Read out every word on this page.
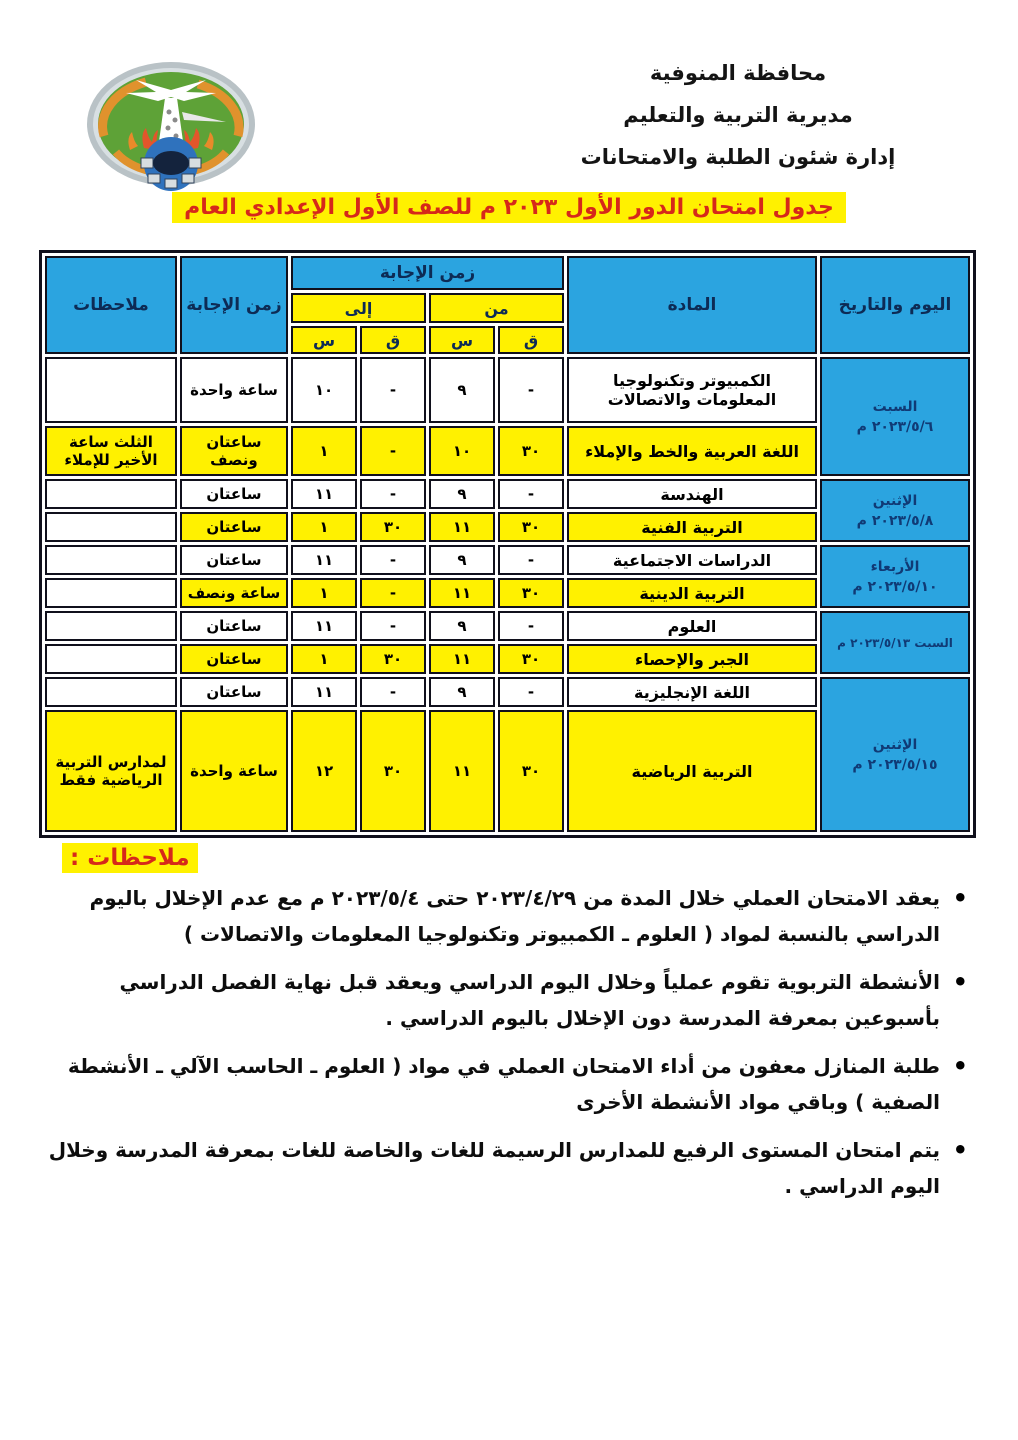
محافظة المنوفية
مديرية التربية والتعليم
إدارة شئون الطلبة والامتحانات
جدول امتحان الدور الأول ٢٠٢٣ م للصف الأول الإعدادي العام
اليوم والتاريخ	المادة	زمن الإجابة				زمن الإجابة	ملاحظات
		من		إلى			
		ق	س	ق	س		

السبت
٢٠٢٣/٥/٦ م	الكمبيوتر وتكنولوجيا المعلومات والاتصالات	-	٩	-	١٠	ساعة واحدة	
	اللغة العربية والخط والإملاء	٣٠	١٠	-	١	ساعتان ونصف	الثلث ساعة الأخير للإملاء

الإثنين
٢٠٢٣/٥/٨ م	الهندسة	-	٩	-	١١	ساعتان	
	التربية الفنية	٣٠	١١	٣٠	١	ساعتان	

الأربعاء
٢٠٢٣/٥/١٠ م	الدراسات الاجتماعية	-	٩	-	١١	ساعتان	
	التربية الدينية	٣٠	١١	-	١	ساعة ونصف	
السبت ٢٠٢٣/٥/١٣ م	العلوم	-	٩	-	١١	ساعتان	
	الجبر والإحصاء	٣٠	١١	٣٠	١	ساعتان	

الإثنين
٢٠٢٣/٥/١٥ م	اللغة الإنجليزية	-	٩	-	١١	ساعتان	
	التربية الرياضية	٣٠	١١	٣٠	١٢	ساعة واحدة	لمدارس التربية الرياضية فقط
ملاحظات :
• يعقد الامتحان العملي خلال المدة من ٢٠٢٣/٤/٢٩ حتى ٢٠٢٣/٥/٤ م مع عدم الإخلال باليوم الدراسي بالنسبة لمواد ( العلوم ـ الكمبيوتر وتكنولوجيا المعلومات والاتصالات )
• الأنشطة التربوية تقوم عملياً وخلال اليوم الدراسي ويعقد قبل نهاية الفصل الدراسي بأسبوعين بمعرفة المدرسة دون الإخلال باليوم الدراسي .
• طلبة المنازل معفون من أداء الامتحان العملي في مواد ( العلوم ـ الحاسب الآلي ـ الأنشطة الصفية ) وباقي مواد الأنشطة الأخرى
• يتم امتحان المستوى الرفيع للمدارس الرسيمة للغات والخاصة للغات بمعرفة المدرسة وخلال اليوم الدراسي .
